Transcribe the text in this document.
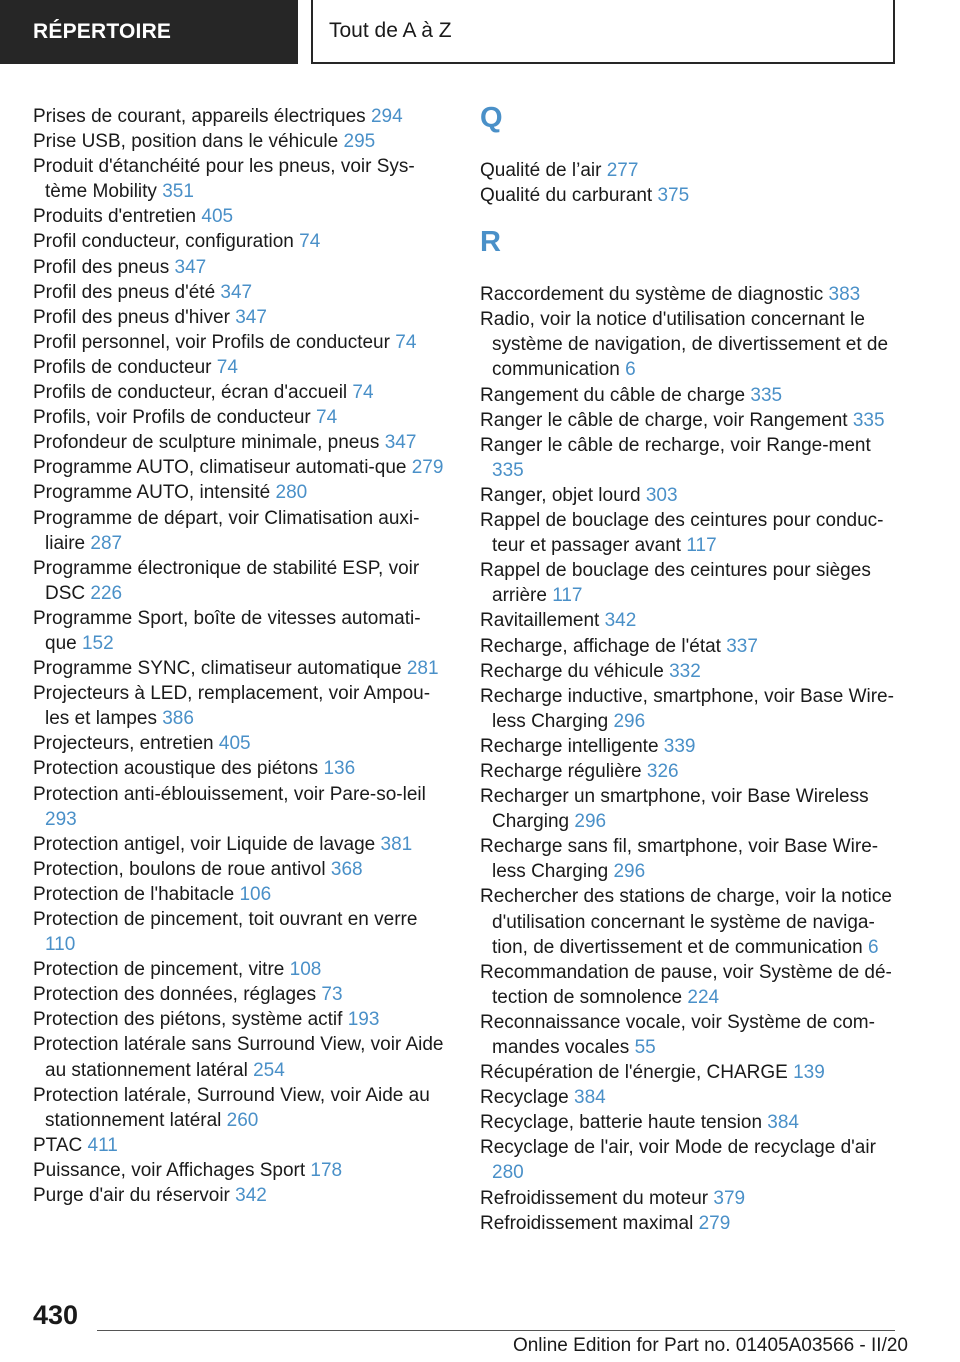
RÉPERTOIRE	Tout de A à Z

Prises de courant, appareils électriques 294

Prise USB, position dans le véhicule 295

Produit d'étanchéité pour les pneus, voir Sys‐tème Mobility 351

Produits d'entretien 405

Profil conducteur, configuration 74

Profil des pneus 347

Profil des pneus d'été 347

Profil des pneus d'hiver 347

Profil personnel, voir Profils de conducteur 74

Profils de conducteur 74

Profils de conducteur, écran d'accueil 74

Profils, voir Profils de conducteur 74

Profondeur de sculpture minimale, pneus 347

Programme AUTO, climatiseur automati‐que 279

Programme AUTO, intensité 280

Programme de départ, voir Climatisation auxi‐liaire 287

Programme électronique de stabilité ESP, voir DSC 226

Programme Sport, boîte de vitesses automati‐que 152

Programme SYNC, climatiseur automatique 281

Projecteurs à LED, remplacement, voir Ampou‐les et lampes 386

Projecteurs, entretien 405

Protection acoustique des piétons 136

Protection anti-éblouissement, voir Pare-so‐leil 293

Protection antigel, voir Liquide de lavage 381

Protection, boulons de roue antivol 368

Protection de l'habitacle 106

Protection de pincement, toit ouvrant en verre 110

Protection de pincement, vitre 108

Protection des données, réglages 73

Protection des piétons, système actif 193

Protection latérale sans Surround View, voir Aide au stationnement latéral 254

Protection latérale, Surround View, voir Aide au stationnement latéral 260

PTAC 411

Puissance, voir Affichages Sport 178

Purge d'air du réservoir 342

Q

Qualité de l’air 277

Qualité du carburant 375

R

Raccordement du système de diagnostic 383

Radio, voir la notice d'utilisation concernant le système de navigation, de divertissement et de communication 6

Rangement du câble de charge 335

Ranger le câble de charge, voir Rangement 335

Ranger le câble de recharge, voir Range‐ment 335

Ranger, objet lourd 303

Rappel de bouclage des ceintures pour conduc‐teur et passager avant 117

Rappel de bouclage des ceintures pour sièges arrière 117

Ravitaillement 342

Recharge, affichage de l'état 337

Recharge du véhicule 332

Recharge inductive, smartphone, voir Base Wire‐less Charging 296

Recharge intelligente 339

Recharge régulière 326

Recharger un smartphone, voir Base Wireless Charging 296

Recharge sans fil, smartphone, voir Base Wire‐less Charging 296

Rechercher des stations de charge, voir la notice d'utilisation concernant le système de naviga‐tion, de divertissement et de communication 6

Recommandation de pause, voir Système de dé‐tection de somnolence 224

Reconnaissance vocale, voir Système de com‐mandes vocales 55

Récupération de l'énergie, CHARGE 139

Recyclage 384

Recyclage, batterie haute tension 384

Recyclage de l'air, voir Mode de recyclage d'air 280

Refroidissement du moteur 379

Refroidissement maximal 279

430
Online Edition for Part no. 01405A03566 - II/20
